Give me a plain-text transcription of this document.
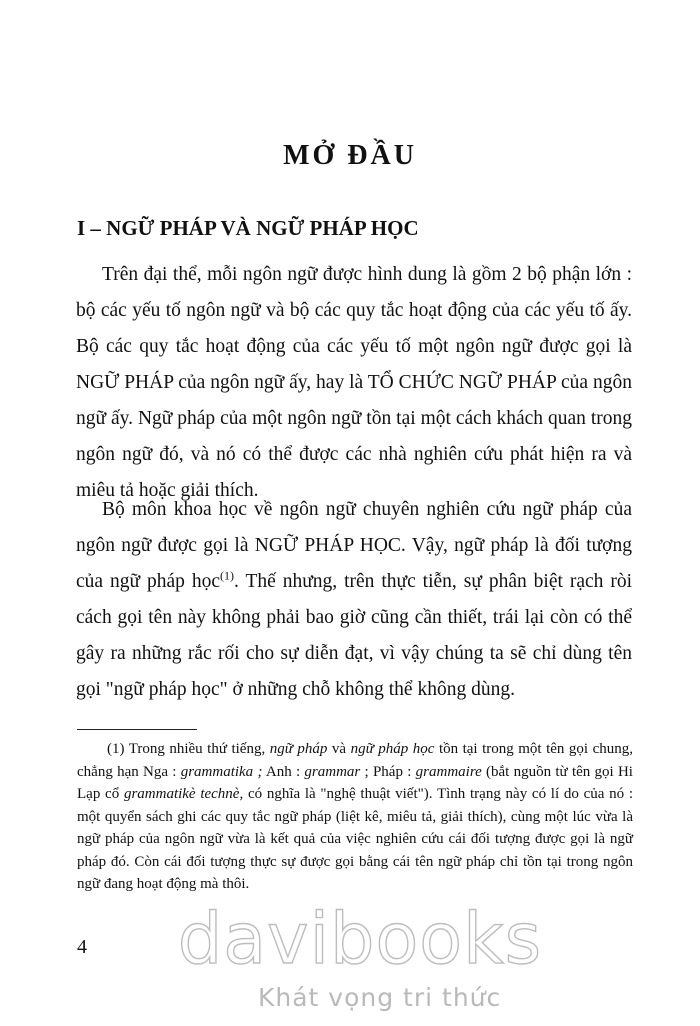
MỞ ĐẦU
I – NGỮ PHÁP VÀ NGỮ PHÁP HỌC

Trên đại thể, mỗi ngôn ngữ được hình dung là gồm 2 bộ phận lớn : bộ các yếu tố ngôn ngữ và bộ các quy tắc hoạt động của các yếu tố ấy. Bộ các quy tắc hoạt động của các yếu tố một ngôn ngữ được gọi là NGỮ PHÁP của ngôn ngữ ấy, hay là TỔ CHỨC NGỮ PHÁP của ngôn ngữ ấy. Ngữ pháp của một ngôn ngữ tồn tại một cách khách quan trong ngôn ngữ đó, và nó có thể được các nhà nghiên cứu phát hiện ra và miêu tả hoặc giải thích.

Bộ môn khoa học về ngôn ngữ chuyên nghiên cứu ngữ pháp của ngôn ngữ được gọi là NGỮ PHÁP HỌC. Vậy, ngữ pháp là đối tượng của ngữ pháp học$^{(1)}$. Thế nhưng, trên thực tiễn, sự phân biệt rạch ròi cách gọi tên này không phải bao giờ cũng cần thiết, trái lại còn có thể gây ra những rắc rối cho sự diễn đạt, vì vậy chúng ta sẽ chỉ dùng tên gọi "ngữ pháp học" ở những chỗ không thể không dùng.

(1) Trong nhiều thứ tiếng, ngữ pháp và ngữ pháp học tồn tại trong một tên gọi chung, chẳng hạn Nga : grammatika ; Anh : grammar ; Pháp : grammaire (bắt nguồn từ tên gọi Hi Lạp cổ grammatikè technè, có nghĩa là "nghệ thuật viết"). Tình trạng này có lí do của nó : một quyển sách ghi các quy tắc ngữ pháp (liệt kê, miêu tả, giải thích), cùng một lúc vừa là ngữ pháp của ngôn ngữ vừa là kết quả của việc nghiên cứu cái đối tượng được gọi là ngữ pháp đó. Còn cái đối tượng thực sự được gọi bằng cái tên ngữ pháp chỉ tồn tại trong ngôn ngữ đang hoạt động mà thôi.

4	davibooks
Khát vọng tri thức
